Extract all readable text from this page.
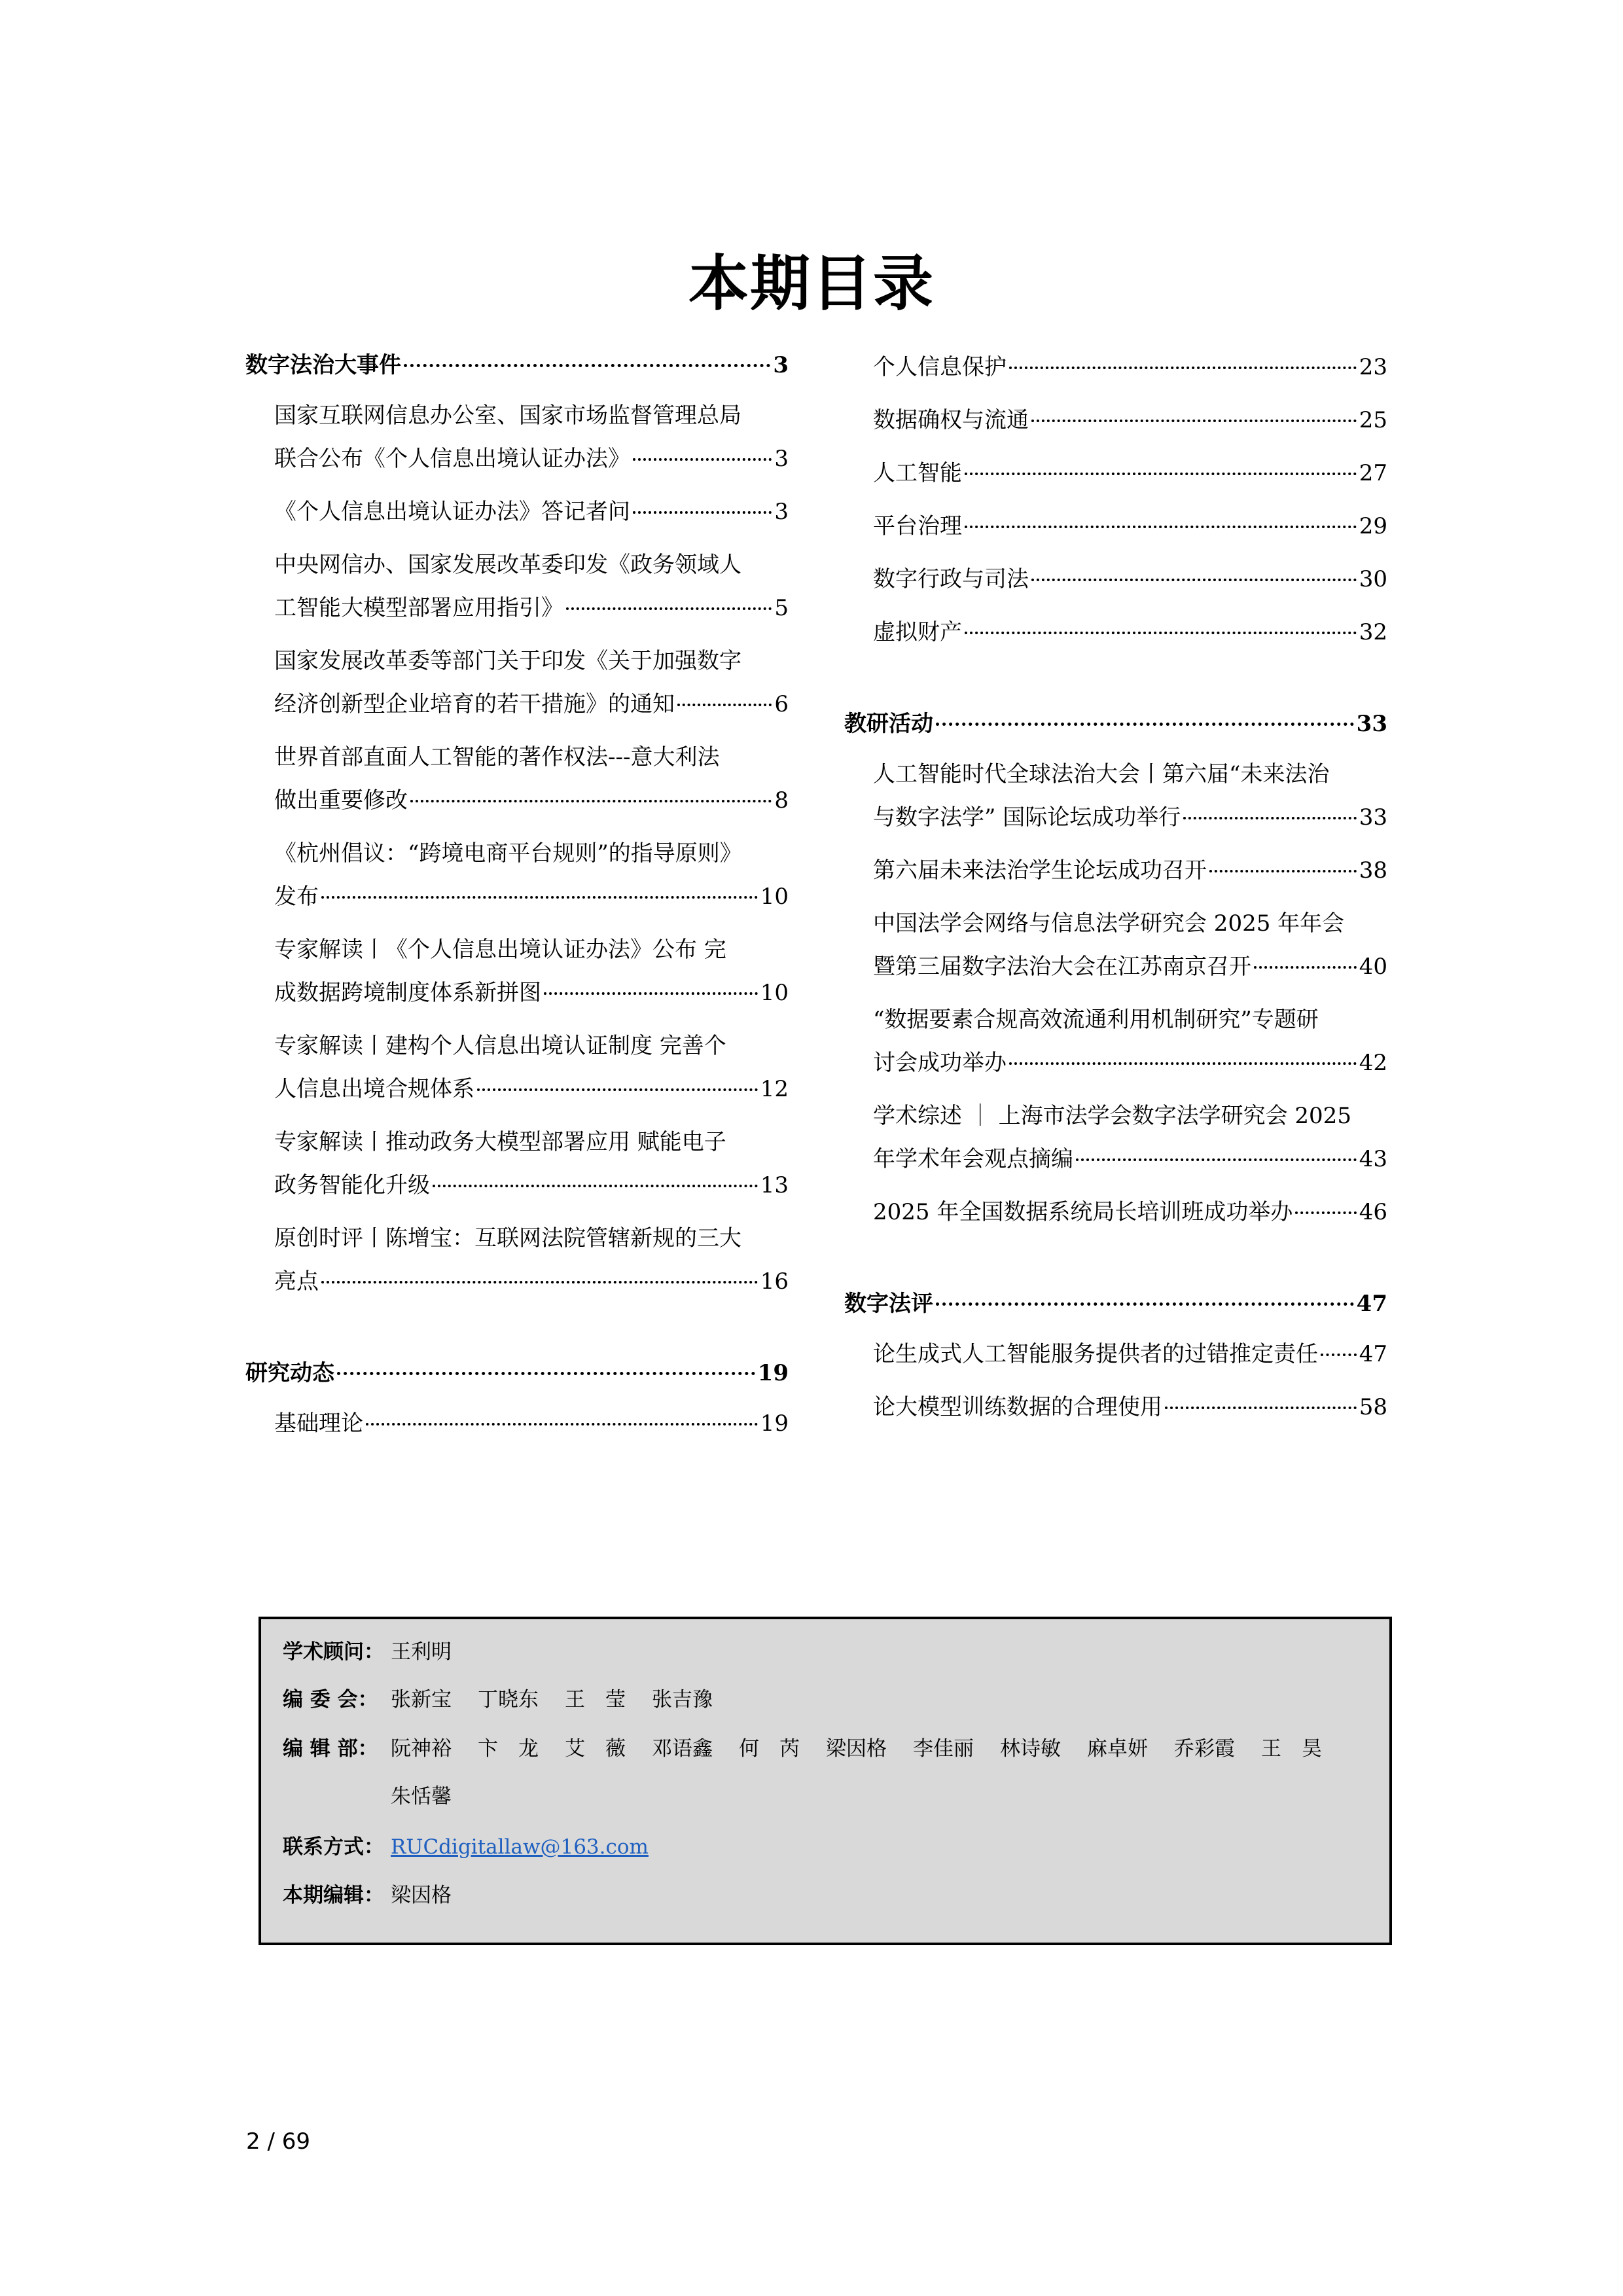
本期目录
数字法治大事件	3
国家互联网信息办公室、国家市场监督管理总局
联合公布《个人信息出境认证办法》	3
《个人信息出境认证办法》答记者问	3
中央网信办、国家发展改革委印发《政务领域人
工智能大模型部署应用指引》	5
国家发展改革委等部门关于印发《关于加强数字
经济创新型企业培育的若干措施》的通知	6
世界首部直面人工智能的著作权法---意大利法
做出重要修改	8
《杭州倡议：“跨境电商平台规则”的指导原则》
发布	10
专家解读丨《个人信息出境认证办法》公布 完
成数据跨境制度体系新拼图	10
专家解读丨建构个人信息出境认证制度 完善个
人信息出境合规体系	12
专家解读丨推动政务大模型部署应用 赋能电子
政务智能化升级	13
原创时评丨陈增宝：互联网法院管辖新规的三大
亮点	16
研究动态	19
基础理论	19
个人信息保护	23
数据确权与流通	25
人工智能	27
平台治理	29
数字行政与司法	30
虚拟财产	32
教研活动	33
人工智能时代全球法治大会丨第六届“未来法治
与数字法学” 国际论坛成功举行	33
第六届未来法治学生论坛成功召开	38
中国法学会网络与信息法学研究会 2025 年年会
暨第三届数字法治大会在江苏南京召开	40
“数据要素合规高效流通利用机制研究”专题研
讨会成功举办	42
学术综述 ｜ 上海市法学会数字法学研究会 2025
年学术年会观点摘编	43
2025 年全国数据系统局长培训班成功举办	46
数字法评	47
论生成式人工智能服务提供者的过错推定责任 47
论大模型训练数据的合理使用	58
学术顾问： 王利明
编 委 会： 张新宝 丁晓东 王　莹 张吉豫
编 辑 部： 阮神裕 卞　龙 艾　薇 邓语鑫 何　芮 梁因格 李佳丽 林诗敏 麻卓妍 乔彩霞 王　昊
朱恬馨
联系方式： RUCdigitallaw@163.com
本期编辑： 梁因格
2 / 69
